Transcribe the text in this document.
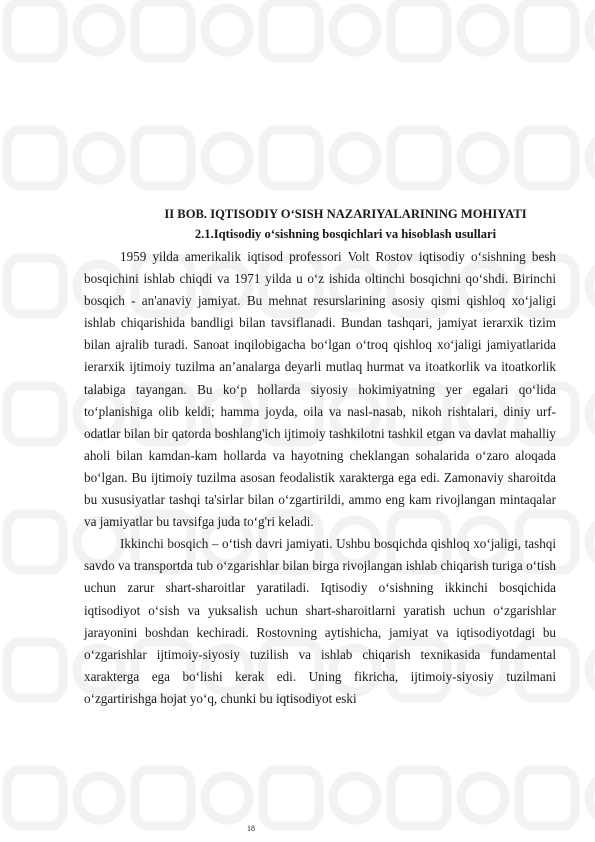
II BOB. IQTISODIY O‘SISH NAZARIYALARINING MOHIYATI
2.1.Iqtisodiy o‘sishning bosqichlari va hisoblash usullari

1959 yilda amerikalik iqtisod professori Volt Rostov iqtisodiy o‘sishning besh bosqichini ishlab chiqdi va 1971 yilda u o‘z ishida oltinchi bosqichni qo‘shdi. Birinchi bosqich - an'anaviy jamiyat. Bu mehnat resurslarining asosiy qismi qishloq xo‘jaligi ishlab chiqarishida bandligi bilan tavsiflanadi. Bundan tashqari, jamiyat ierarxik tizim bilan ajralib turadi. Sanoat inqilobigacha bo‘lgan o‘troq qishloq xo‘jaligi jamiyatlarida ierarxik ijtimoiy tuzilma an’analarga deyarli mutlaq hurmat va itoatkorlik va itoatkorlik talabiga tayangan. Bu ko‘p hollarda siyosiy hokimiyatning yer egalari qo‘lida to‘planishiga olib keldi; hamma joyda, oila va nasl-nasab, nikoh rishtalari, diniy urf-odatlar bilan bir qatorda boshlang'ich ijtimoiy tashkilotni tashkil etgan va davlat mahalliy aholi bilan kamdan-kam hollarda va hayotning cheklangan sohalarida o‘zaro aloqada bo‘lgan. Bu ijtimoiy tuzilma asosan feodalistik xarakterga ega edi. Zamonaviy sharoitda bu xususiyatlar tashqi ta'sirlar bilan o‘zgartirildi, ammo eng kam rivojlangan mintaqalar va jamiyatlar bu tavsifga juda to‘g'ri keladi.

Ikkinchi bosqich – o‘tish davri jamiyati. Ushbu bosqichda qishloq xo‘jaligi, tashqi savdo va transportda tub o‘zgarishlar bilan birga rivojlangan ishlab chiqarish turiga o‘tish uchun zarur shart-sharoitlar yaratiladi. Iqtisodiy o‘sishning ikkinchi bosqichida iqtisodiyot o‘sish va yuksalish uchun shart-sharoitlarni yaratish uchun o‘zgarishlar jarayonini boshdan kechiradi. Rostovning aytishicha, jamiyat va iqtisodiyotdagi bu o‘zgarishlar ijtimoiy-siyosiy tuzilish va ishlab chiqarish texnikasida fundamental xarakterga ega bo‘lishi kerak edi. Uning fikricha, ijtimoiy-siyosiy tuzilmani o‘zgartirishga hojat yo‘q, chunki bu iqtisodiyot eski

18
